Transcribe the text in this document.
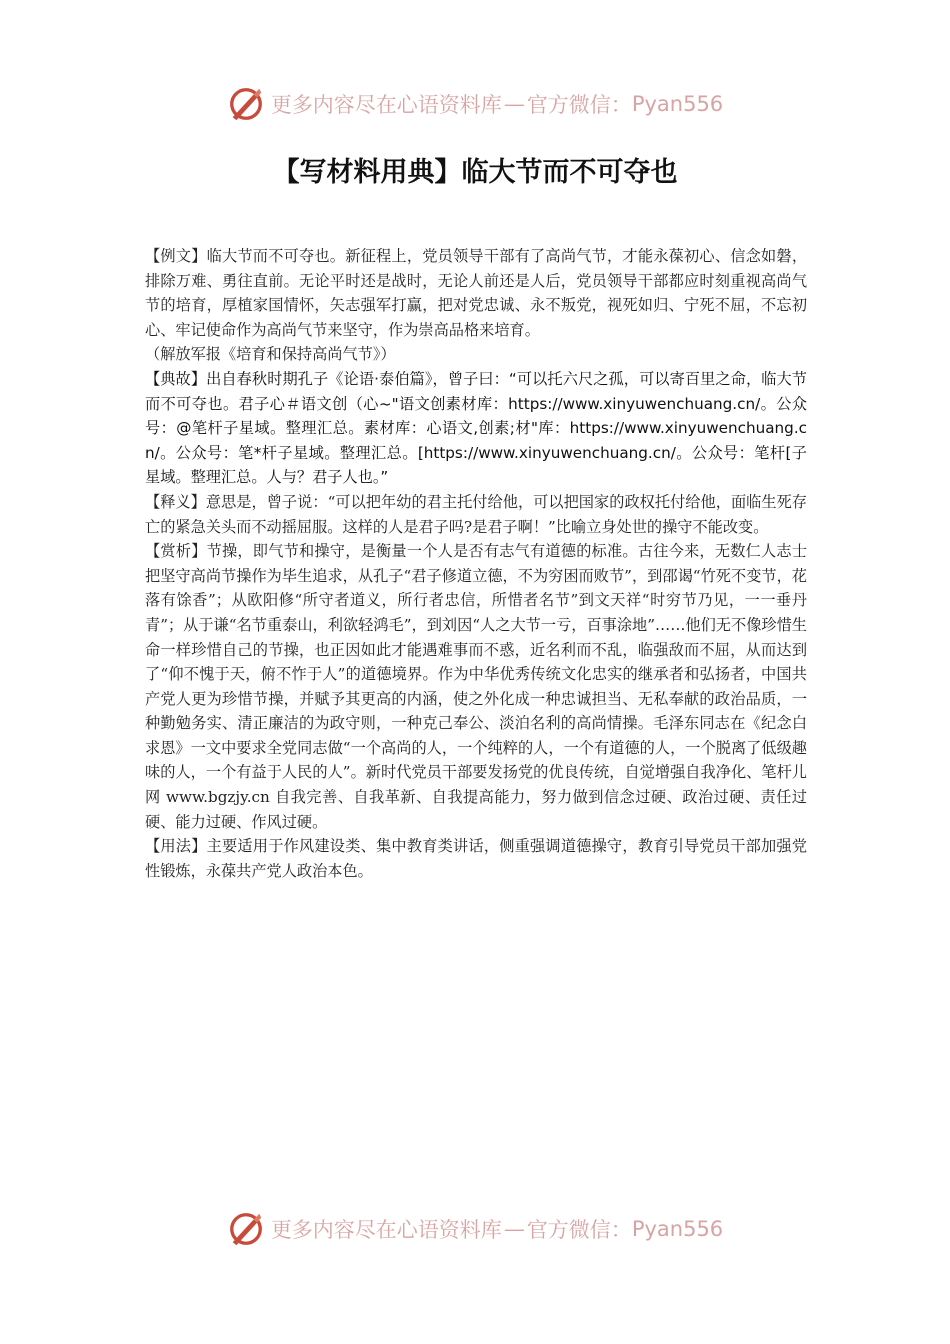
更多内容尽在心语资料库 — 官方微信： Pyan556
【写材料用典】临大节而不可夺也

【例文】临大节而不可夺也。新征程上，党员领导干部有了高尚气节，才能永葆初心、信念如磐，排除万难、勇往直前。无论平时还是战时，无论人前还是人后，党员领导干部都应时刻重视高尚气节的培育，厚植家国情怀，矢志强军打赢，把对党忠诚、永不叛党，视死如归、宁死不屈，不忘初心、牢记使命作为高尚气节来坚守，作为崇高品格来培育。

（解放军报《培育和保持高尚气节》）

【典故】出自春秋时期孔子《论语·泰伯篇》，曾子曰：“可以托六尺之孤，可以寄百里之命，临大节而不可夺也。君子心＃语文创（心~"语文创素材库：https://www.xinyuwenchuang.cn/。公众号：@笔杆子星域。整理汇总。素材库：心语文,创素;材"库：https://www.xinyuwenchuang.cn/。公众号：笔*杆子星域。整理汇总。[https://www.xinyuwenchuang.cn/。公众号：笔杆[子星域。整理汇总。人与？君子人也。”

【释义】意思是，曾子说：“可以把年幼的君主托付给他，可以把国家的政权托付给他，面临生死存亡的紧急关头而不动摇屈服。这样的人是君子吗?是君子啊！”比喻立身处世的操守不能改变。

【赏析】节操，即气节和操守，是衡量一个人是否有志气有道德的标准。古往今来，无数仁人志士把坚守高尚节操作为毕生追求，从孔子“君子修道立德，不为穷困而败节”，到邵谒“竹死不变节，花落有馀香”；从欧阳修“所守者道义，所行者忠信，所惜者名节”到文天祥“时穷节乃见，一一垂丹青”；从于谦“名节重泰山，利欲轻鸿毛”，到刘因“人之大节一亏，百事涂地”……他们无不像珍惜生命一样珍惜自己的节操，也正因如此才能遇难事而不惑，近名利而不乱，临强敌而不屈，从而达到了“仰不愧于天，俯不怍于人”的道德境界。作为中华优秀传统文化忠实的继承者和弘扬者，中国共产党人更为珍惜节操，并赋予其更高的内涵，使之外化成一种忠诚担当、无私奉献的政治品质，一种勤勉务实、清正廉洁的为政守则，一种克己奉公、淡泊名利的高尚情操。毛泽东同志在《纪念白求恩》一文中要求全党同志做“一个高尚的人，一个纯粹的人，一个有道德的人，一个脱离了低级趣味的人，一个有益于人民的人”。新时代党员干部要发扬党的优良传统，自觉增强自我净化、笔杆儿网 www.bgzjy.cn 自我完善、自我革新、自我提高能力，努力做到信念过硬、政治过硬、责任过硬、能力过硬、作风过硬。

【用法】主要适用于作风建设类、集中教育类讲话，侧重强调道德操守，教育引导党员干部加强党性锻炼，永葆共产党人政治本色。

更多内容尽在心语资料库 — 官方微信： Pyan556
